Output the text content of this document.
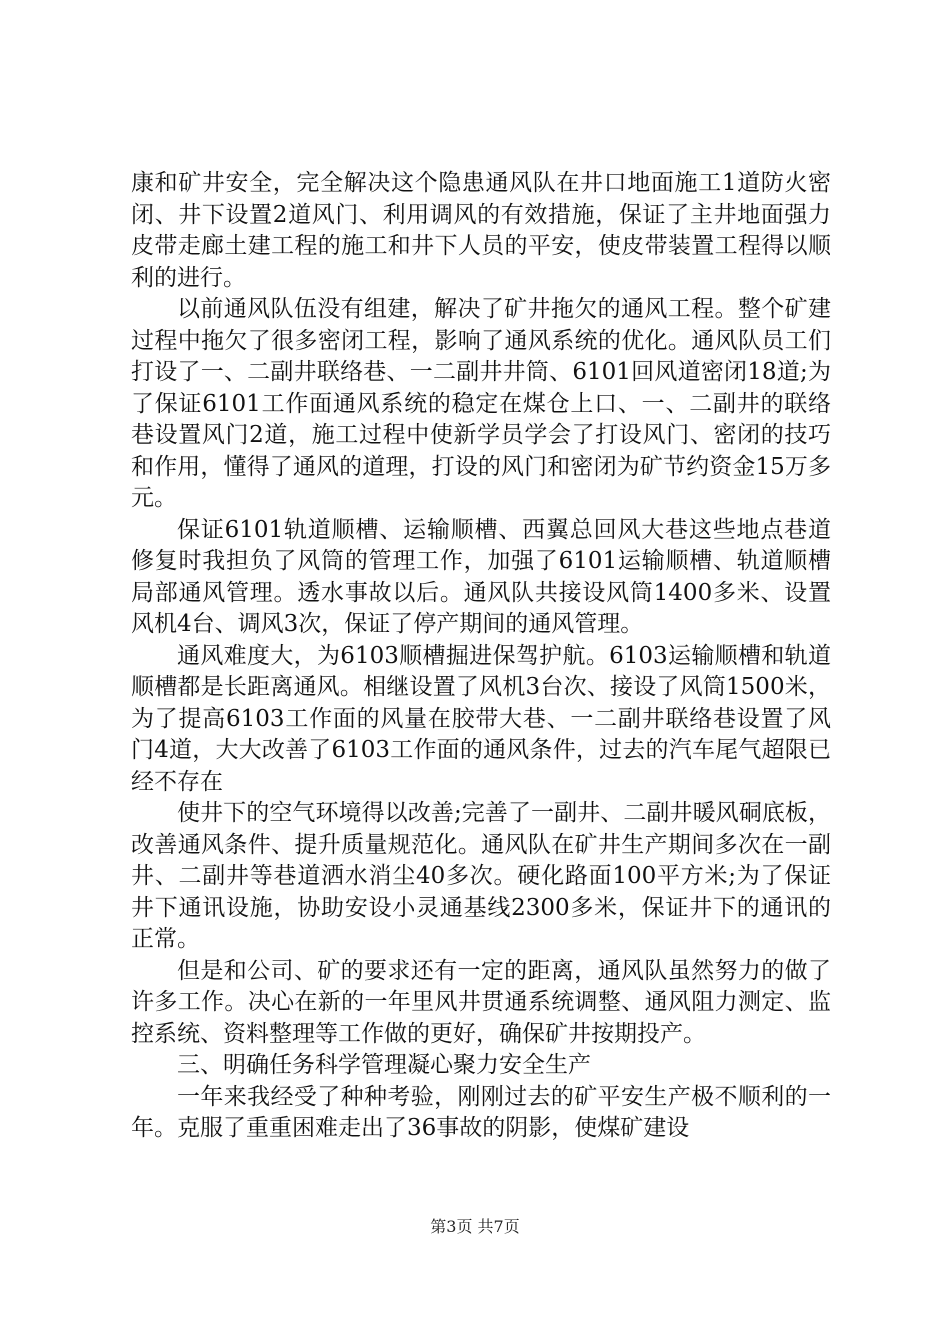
康和矿井安全，完全解决这个隐患通风队在井口地面施工1道防火密闭、井下设置2道风门、利用调风的有效措施，保证了主井地面强力皮带走廊土建工程的施工和井下人员的平安，使皮带装置工程得以顺利的进行。

以前通风队伍没有组建，解决了矿井拖欠的通风工程。整个矿建过程中拖欠了很多密闭工程，影响了通风系统的优化。通风队员工们打设了一、二副井联络巷、一二副井井筒、6101回风道密闭18道;为了保证6101工作面通风系统的稳定在煤仓上口、一、二副井的联络巷设置风门2道，施工过程中使新学员学会了打设风门、密闭的技巧和作用，懂得了通风的道理，打设的风门和密闭为矿节约资金15万多元。

保证6101轨道顺槽、运输顺槽、西翼总回风大巷这些地点巷道修复时我担负了风筒的管理工作，加强了6101运输顺槽、轨道顺槽局部通风管理。透水事故以后。通风队共接设风筒1400多米、设置风机4台、调风3次，保证了停产期间的通风管理。

通风难度大，为6103顺槽掘进保驾护航。6103运输顺槽和轨道顺槽都是长距离通风。相继设置了风机3台次、接设了风筒1500米，为了提高6103工作面的风量在胶带大巷、一二副井联络巷设置了风门4道，大大改善了6103工作面的通风条件，过去的汽车尾气超限已经不存在

使井下的空气环境得以改善;完善了一副井、二副井暖风硐底板，改善通风条件、提升质量规范化。通风队在矿井生产期间多次在一副井、二副井等巷道洒水消尘40多次。硬化路面100平方米;为了保证井下通讯设施，协助安设小灵通基线2300多米，保证井下的通讯的正常。

但是和公司、矿的要求还有一定的距离，通风队虽然努力的做了许多工作。决心在新的一年里风井贯通系统调整、通风阻力测定、监控系统、资料整理等工作做的更好，确保矿井按期投产。

三、明确任务科学管理凝心聚力安全生产

一年来我经受了种种考验，刚刚过去的矿平安生产极不顺利的一年。克服了重重困难走出了36事故的阴影，使煤矿建设

第3页 共7页
